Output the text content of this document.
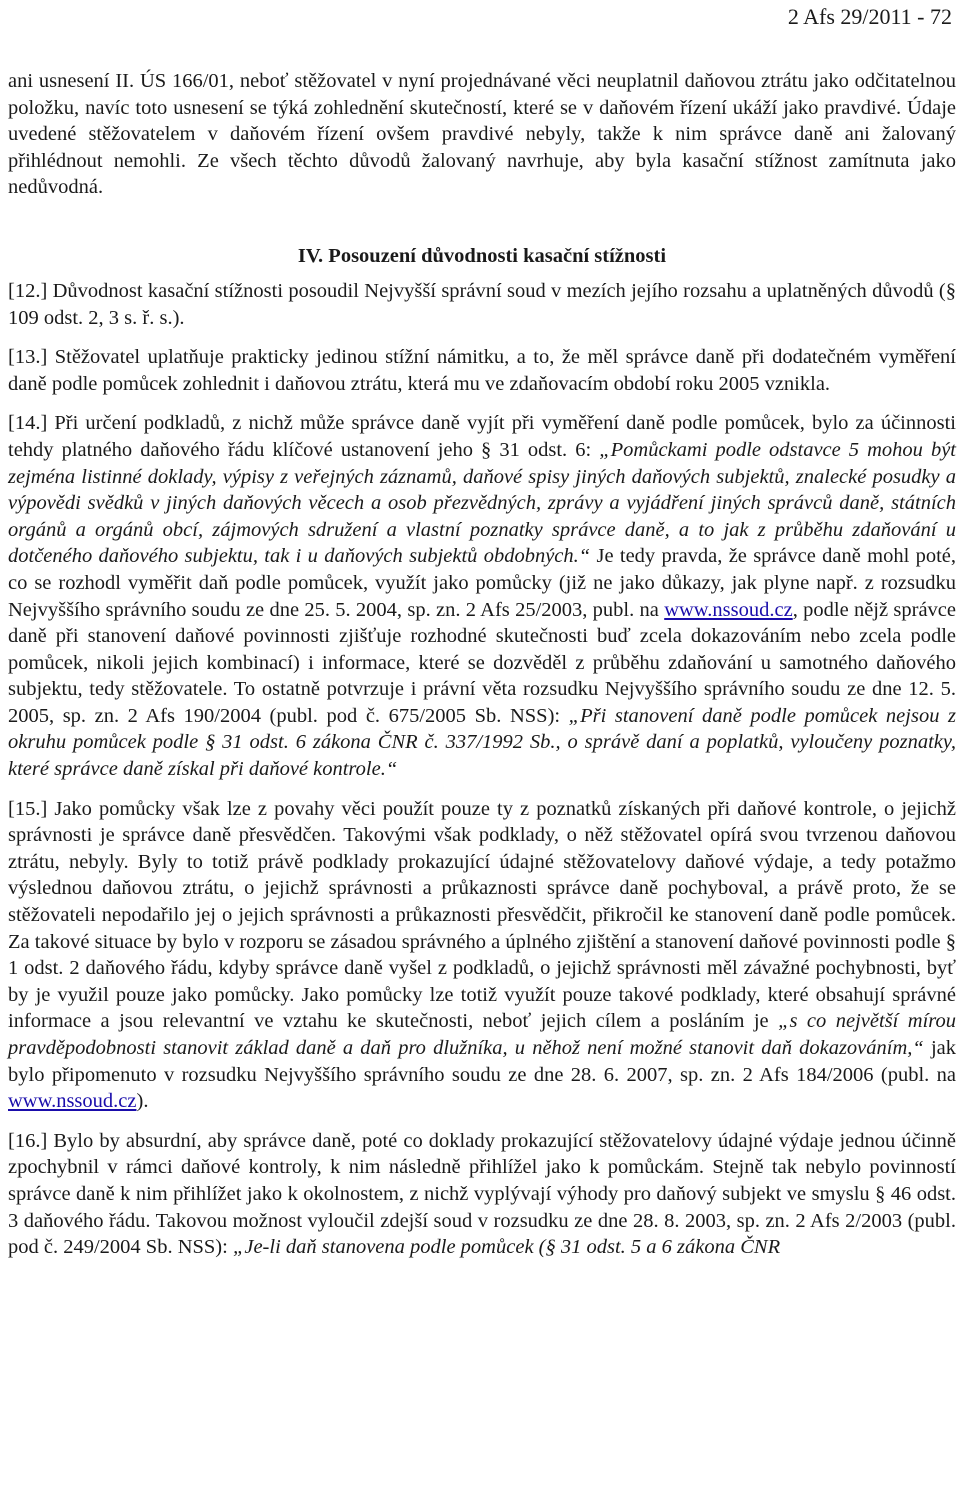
2 Afs 29/2011 - 72

ani usnesení II. ÚS 166/01, neboť stěžovatel v nyní projednávané věci neuplatnil daňovou ztrátu jako odčitatelnou položku, navíc toto usnesení se týká zohlednění skutečností, které se v daňovém řízení ukáží jako pravdivé. Údaje uvedené stěžovatelem v daňovém řízení ovšem pravdivé nebyly, takže k nim správce daně ani žalovaný přihlédnout nemohli. Ze všech těchto důvodů žalovaný navrhuje, aby byla kasační stížnost zamítnuta jako nedůvodná.

IV. Posouzení důvodnosti kasační stížnosti

[12.] Důvodnost kasační stížnosti posoudil Nejvyšší správní soud v mezích jejího rozsahu a uplatněných důvodů (§ 109 odst. 2, 3 s. ř. s.).

[13.] Stěžovatel uplatňuje prakticky jedinou stížní námitku, a to, že měl správce daně při dodatečném vyměření daně podle pomůcek zohlednit i daňovou ztrátu, která mu ve zdaňovacím období roku 2005 vznikla.

[14.] Při určení podkladů, z nichž může správce daně vyjít při vyměření daně podle pomůcek, bylo za účinnosti tehdy platného daňového řádu klíčové ustanovení jeho § 31 odst. 6: „Pomůckami podle odstavce 5 mohou být zejména listinné doklady, výpisy z veřejných záznamů, daňové spisy jiných daňových subjektů, znalecké posudky a výpovědi svědků v jiných daňových věcech a osob přezvědných, zprávy a vyjádření jiných správců daně, státních orgánů a orgánů obcí, zájmových sdružení a vlastní poznatky správce daně, a to jak z průběhu zdaňování u dotčeného daňového subjektu, tak i u daňových subjektů obdobných.“ Je tedy pravda, že správce daně mohl poté, co se rozhodl vyměřit daň podle pomůcek, využít jako pomůcky (již ne jako důkazy, jak plyne např. z rozsudku Nejvyššího správního soudu ze dne 25. 5. 2004, sp. zn. 2 Afs 25/2003, publ. na www.nssoud.cz, podle nějž správce daně při stanovení daňové povinnosti zjišťuje rozhodné skutečnosti buď zcela dokazováním nebo zcela podle pomůcek, nikoli jejich kombinací) i informace, které se dozvěděl z průběhu zdaňování u samotného daňového subjektu, tedy stěžovatele. To ostatně potvrzuje i právní věta rozsudku Nejvyššího správního soudu ze dne 12. 5. 2005, sp. zn. 2 Afs 190/2004 (publ. pod č. 675/2005 Sb. NSS): „Při stanovení daně podle pomůcek nejsou z okruhu pomůcek podle § 31 odst. 6 zákona ČNR č. 337/1992 Sb., o správě daní a poplatků, vyloučeny poznatky, které správce daně získal při daňové kontrole.“

[15.] Jako pomůcky však lze z povahy věci použít pouze ty z poznatků získaných při daňové kontrole, o jejichž správnosti je správce daně přesvědčen. Takovými však podklady, o něž stěžovatel opírá svou tvrzenou daňovou ztrátu, nebyly. Byly to totiž právě podklady prokazující údajné stěžovatelovy daňové výdaje, a tedy potažmo výslednou daňovou ztrátu, o jejichž správnosti a průkaznosti správce daně pochyboval, a právě proto, že se stěžovateli nepodařilo jej o jejich správnosti a průkaznosti přesvědčit, přikročil ke stanovení daně podle pomůcek. Za takové situace by bylo v rozporu se zásadou správného a úplného zjištění a stanovení daňové povinnosti podle § 1 odst. 2 daňového řádu, kdyby správce daně vyšel z podkladů, o jejichž správnosti měl závažné pochybnosti, byť by je využil pouze jako pomůcky. Jako pomůcky lze totiž využít pouze takové podklady, které obsahují správné informace a jsou relevantní ve vztahu ke skutečnosti, neboť jejich cílem a posláním je „s co největší mírou pravděpodobnosti stanovit základ daně a daň pro dlužníka, u něhož není možné stanovit daň dokazováním,“ jak bylo připomenuto v rozsudku Nejvyššího správního soudu ze dne 28. 6. 2007, sp. zn. 2 Afs 184/2006 (publ. na www.nssoud.cz).

[16.] Bylo by absurdní, aby správce daně, poté co doklady prokazující stěžovatelovy údajné výdaje jednou účinně zpochybnil v rámci daňové kontroly, k nim následně přihlížel jako k pomůckám. Stejně tak nebylo povinností správce daně k nim přihlížet jako k okolnostem, z nichž vyplývají výhody pro daňový subjekt ve smyslu § 46 odst. 3 daňového řádu. Takovou možnost vyloučil zdejší soud v rozsudku ze dne 28. 8. 2003, sp. zn. 2 Afs 2/2003 (publ. pod č. 249/2004 Sb. NSS): „Je-li daň stanovena podle pomůcek (§ 31 odst. 5 a 6 zákona ČNR
